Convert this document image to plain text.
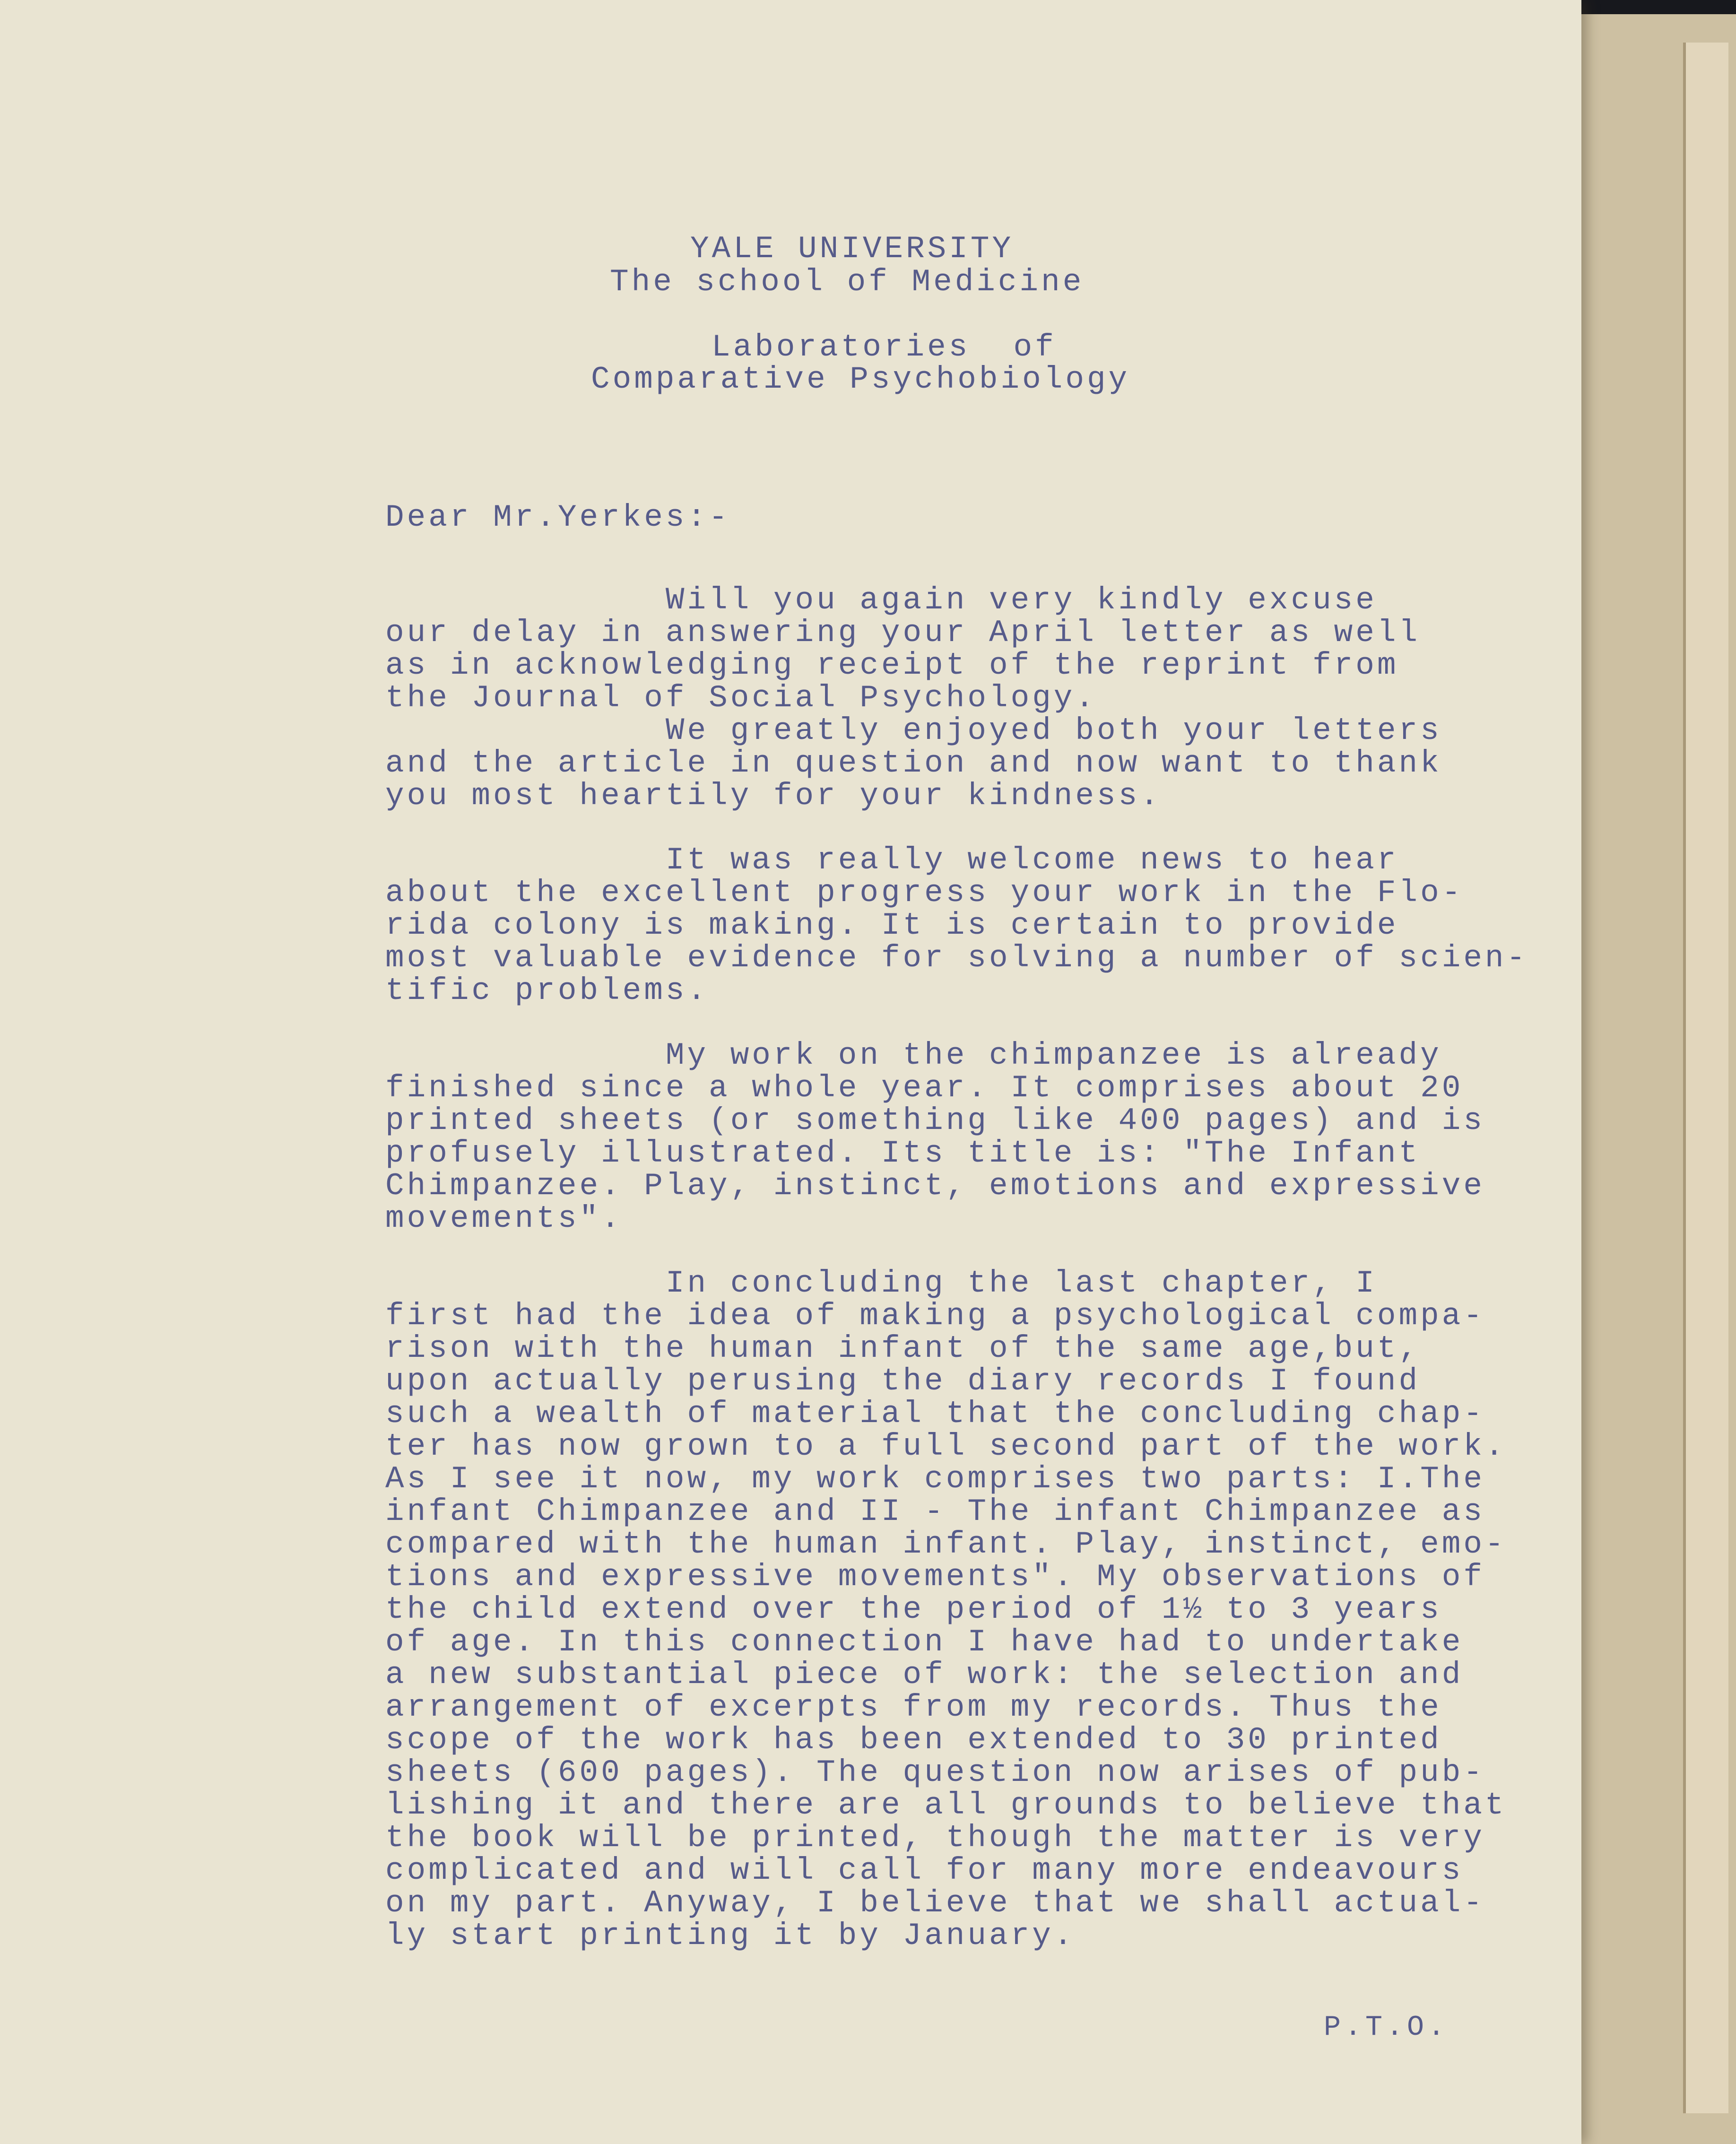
YALE UNIVERSITY

The school of Medicine

Laboratories  of

Comparative Psychobiology

Dear Mr.Yerkes:-

Will you again very kindly excuse
our delay in answering your April letter as well
as in acknowledging receipt of the reprint from
the Journal of Social Psychology.
We greatly enjoyed both your letters
and the article in question and now want to thank
you most heartily for your kindness.

It was really welcome news to hear
about the excellent progress your work in the Flo-
rida colony is making. It is certain to provide
most valuable evidence for solving a number of scien-
tific problems.

My work on the chimpanzee is already
finished since a whole year. It comprises about 20
printed sheets (or something like 400 pages) and is
profusely illustrated. Its title is: "The Infant
Chimpanzee. Play, instinct, emotions and expressive
movements".

In concluding the last chapter, I
first had the idea of making a psychological compa-
rison with the human infant of the same age,but,
upon actually perusing the diary records I found
such a wealth of material that the concluding chap-
ter has now grown to a full second part of the work.
As I see it now, my work comprises two parts: I.The
infant Chimpanzee and II - The infant Chimpanzee as
compared with the human infant. Play, instinct, emo-
tions and expressive movements". My observations of
the child extend over the period of 1½ to 3 years
of age. In this connection I have had to undertake
a new substantial piece of work: the selection and
arrangement of excerpts from my records. Thus the
scope of the work has been extended to 30 printed
sheets (600 pages). The question now arises of pub-
lishing it and there are all grounds to believe that
the book will be printed, though the matter is very
complicated and will call for many more endeavours
on my part. Anyway, I believe that we shall actual-
ly start printing it by January.

P.T.O.
